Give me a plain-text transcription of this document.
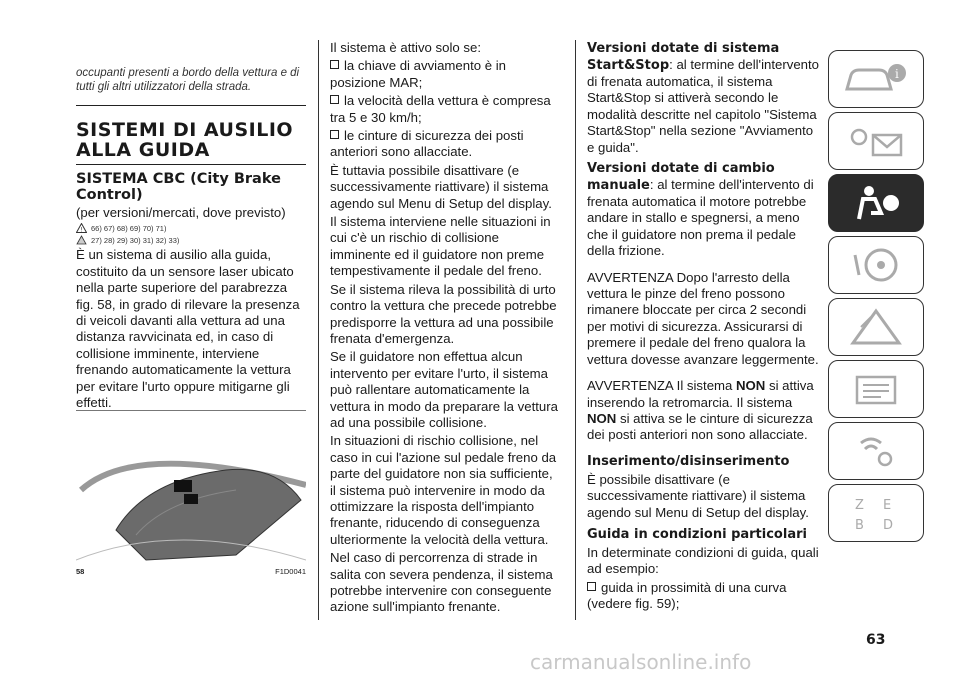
occupanti presenti a bordo della vettura e di tutti gli altri utilizzatori della strada.

SISTEMI DI AUSILIO ALLA GUIDA
SISTEMA CBC (City Brake Control)

(per versioni/mercati, dove previsto)

! 66) 67) 68) 69) 70) 71)
27) 28) 29) 30) 31) 32) 33)

È un sistema di ausilio alla guida, costituito da un sensore laser ubicato nella parte superiore del parabrezza fig. 58, in grado di rilevare la presenza di veicoli davanti alla vettura ad una distanza ravvicinata ed, in caso di collisione imminente, interviene frenando automaticamente la vettura per evitare l'urto oppure mitigarne gli effetti.

58	F1D0041

Il sistema è attivo solo se:

la chiave di avviamento è in posizione MAR;

la velocità della vettura è compresa tra 5 e 30 km/h;

le cinture di sicurezza dei posti anteriori sono allacciate.

È tuttavia possibile disattivare (e successivamente riattivare) il sistema agendo sul Menu di Setup del display.

Il sistema interviene nelle situazioni in cui c'è un rischio di collisione imminente ed il guidatore non preme tempestivamente il pedale del freno.

Se il sistema rileva la possibilità di urto contro la vettura che precede potrebbe predisporre la vettura ad una possibile frenata d'emergenza.

Se il guidatore non effettua alcun intervento per evitare l'urto, il sistema può rallentare automaticamente la vettura in modo da prepararе la vettura ad una possibile collisione.

In situazioni di rischio collisione, nel caso in cui l'azione sul pedale freno da parte del guidatore non sia sufficiente, il sistema può intervenire in modo da ottimizzare la risposta dell'impianto frenante, riducendo di conseguenza ulteriormente la velocità della vettura.

Nel caso di percorrenza di strade in salita con severa pendenza, il sistema potrebbe intervenire con conseguente azione sull'impianto frenante.

Versioni dotate di sistema Start&Stop: al termine dell'intervento di frenata automatica, il sistema Start&Stop si attiverà secondo le modalità descritte nel capitolo "Sistema Start&Stop" nella sezione "Avviamento e guida".

Versioni dotate di cambio manuale: al termine dell'intervento di frenata automatica il motore potrebbe andare in stallo e spegnersi, a meno che il guidatore non prema il pedale della frizione.

AVVERTENZA Dopo l'arresto della vettura le pinze del freno possono rimanere bloccate per circa 2 secondi per motivi di sicurezza. Assicurarsi di premere il pedale del freno qualora la vettura dovesse avanzare leggermente.

AVVERTENZA Il sistema NON si attiva inserendo la retromarcia. Il sistema NON si attiva se le cinture di sicurezza dei posti anteriori non sono allacciate.

Inserimento/disinserimento

È possibile disattivare (e successivamente riattivare) il sistema agendo sul Menu di Setup del display.

Guida in condizioni particolari

In determinate condizioni di guida, quali ad esempio:

guida in prossimità di una curva (vedere fig. 59);

i
Z E
B D
63
carmanualsonline.info
